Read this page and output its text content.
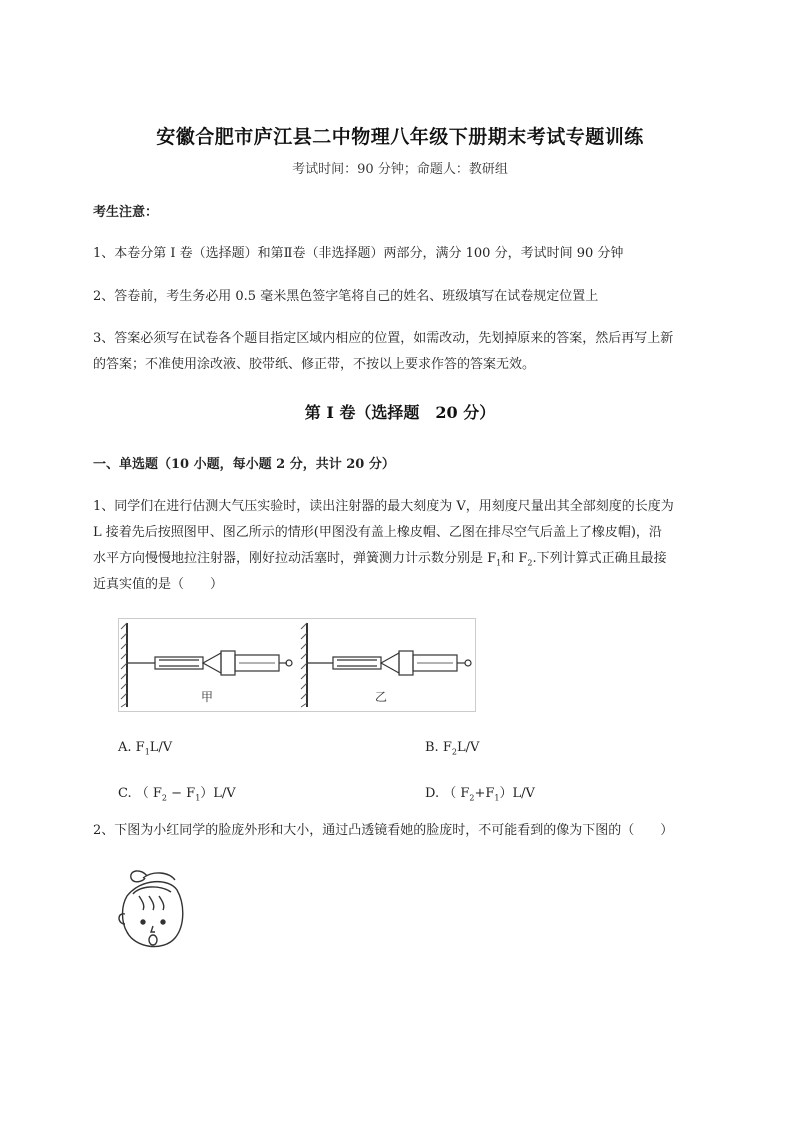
安徽合肥市庐江县二中物理八年级下册期末考试专题训练
考试时间：90 分钟；命题人：教研组
考生注意：
1、本卷分第 I 卷（选择题）和第Ⅱ卷（非选择题）两部分，满分 100 分，考试时间 90 分钟
2、答卷前，考生务必用 0.5 毫米黑色签字笔将自己的姓名、班级填写在试卷规定位置上
3、答案必须写在试卷各个题目指定区域内相应的位置，如需改动，先划掉原来的答案，然后再写上新
的答案；不准使用涂改液、胶带纸、修正带，不按以上要求作答的答案无效。
第 I 卷（选择题　20 分）
一、单选题（10 小题，每小题 2 分，共计 20 分）
1、同学们在进行估测大气压实验时，读出注射器的最大刻度为 V，用刻度尺量出其全部刻度的长度为
L 接着先后按照图甲、图乙所示的情形(甲图没有盖上橡皮帽、乙图在排尽空气后盖上了橡皮帽)，沿
水平方向慢慢地拉注射器，刚好拉动活塞时，弹簧测力计示数分别是 $F_1$和 $F_2$.下列计算式正确且最接
近真实值的是（　　）
甲	乙
A. $F_1L/V$	B. $F_2L/V$
C. （ $F_2 - F_1)L/V$	D. （ $F_2+F_1)L/V$
2、下图为小红同学的脸庞外形和大小，通过凸透镜看她的脸庞时，不可能看到的像为下图的（　　）
